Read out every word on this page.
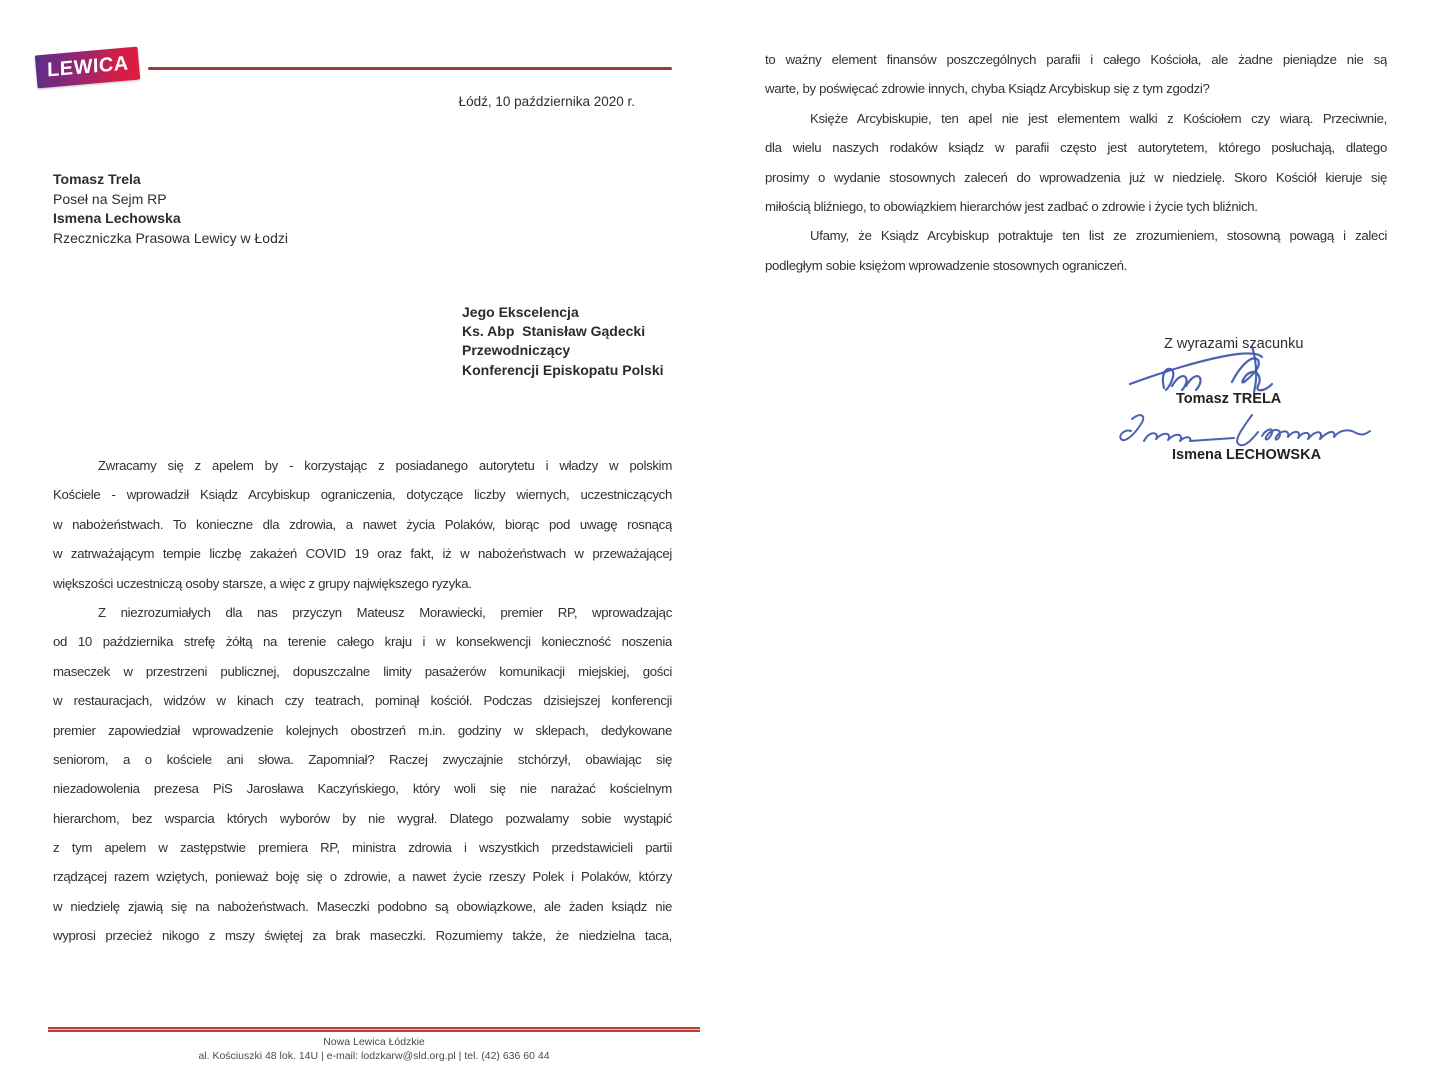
LEWICA
Łódź, 10 października 2020 r.
Tomasz Trela
Poseł na Sejm RP
Ismena Lechowska
Rzeczniczka Prasowa Lewicy w Łodzi
Jego Ekscelencja
Ks. Abp  Stanisław Gądecki
Przewodniczący
Konferencji Episkopatu Polski
Zwracamy się z apelem by - korzystając z posiadanego autorytetu i władzy w polskim
Kościele - wprowadził Ksiądz Arcybiskup ograniczenia, dotyczące liczby wiernych, uczestniczących
w nabożeństwach. To konieczne dla zdrowia, a nawet życia Polaków, biorąc pod uwagę rosnącą
w zatrważającym tempie liczbę zakażeń COVID 19 oraz fakt, iż w nabożeństwach w przeważającej
większości uczestniczą osoby starsze, a więc z grupy największego ryzyka.
Z niezrozumiałych dla nas przyczyn Mateusz Morawiecki, premier RP, wprowadzając
od 10 października strefę żółtą na terenie całego kraju i w konsekwencji konieczność noszenia
maseczek w przestrzeni publicznej, dopuszczalne limity pasażerów komunikacji miejskiej, gości
w restauracjach, widzów w kinach czy teatrach, pominął kościół. Podczas dzisiejszej konferencji
premier zapowiedział wprowadzenie kolejnych obostrzeń m.in. godziny w sklepach, dedykowane
seniorom, a o kościele ani słowa. Zapomniał? Raczej zwyczajnie stchórzył, obawiając się
niezadowolenia prezesa PiS Jarosława Kaczyńskiego, który woli się nie narażać kościelnym
hierarchom, bez wsparcia których wyborów by nie wygrał. Dlatego pozwalamy sobie wystąpić
z tym apelem w zastępstwie premiera RP, ministra zdrowia i wszystkich przedstawicieli partii
rządzącej razem wziętych, ponieważ boję się o zdrowie, a nawet życie rzeszy Polek i Polaków, którzy
w niedzielę zjawią się na nabożeństwach. Maseczki podobno są obowiązkowe, ale żaden ksiądz nie
wyprosi przecież nikogo z mszy świętej za brak maseczki. Rozumiemy także, że niedzielna taca,
to ważny element finansów poszczególnych parafii i całego Kościoła, ale żadne pieniądze nie są
warte, by poświęcać zdrowie innych, chyba Ksiądz Arcybiskup się z tym zgodzi?
Księże Arcybiskupie, ten apel nie jest elementem walki z Kościołem czy wiarą. Przeciwnie,
dla wielu naszych rodaków ksiądz w parafii często jest autorytetem, którego posłuchają, dlatego
prosimy o wydanie stosownych zaleceń do wprowadzenia już w niedzielę. Skoro Kościół kieruje się
miłością bliźniego, to obowiązkiem hierarchów jest zadbać o zdrowie i życie tych bliźnich.
Ufamy, że Ksiądz Arcybiskup potraktuje ten list ze zrozumieniem, stosowną powagą i zaleci
podległym sobie księżom wprowadzenie stosownych ograniczeń.
Z wyrazami szacunku
Tomasz TRELA
Ismena LECHOWSKA
Nowa Lewica Łódzkie
al. Kościuszki 48 lok. 14U | e-mail: lodzkarw@sld.org.pl | tel. (42) 636 60 44
